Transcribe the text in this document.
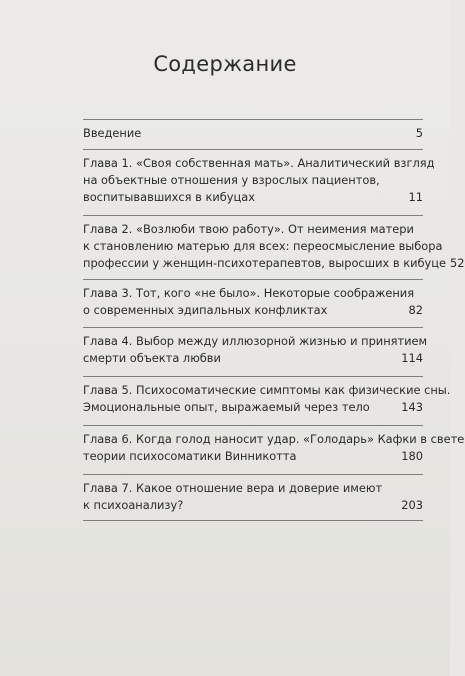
Содержание
Введение	5
Глава 1. «Своя собственная мать». Аналитический взгляд
на объектные отношения у взрослых пациентов,
воспитывавшихся в кибуцах	11
Глава 2. «Возлюби твою работу». От неимения матери
к становлению матерью для всех: переосмысление выбора
профессии у женщин-психотерапевтов, выросших в кибуце 52
Глава 3. Тот, кого «не было». Некоторые соображения
о современных эдипальных конфликтах	82
Глава 4. Выбор между иллюзорной жизнью и принятием
смерти объекта любви	114
Глава 5. Психосоматические симптомы как физические сны.
Эмоциональные опыт, выражаемый через тело	143
Глава 6. Когда голод наносит удар. «Голодарь» Кафки в свете
теории психосоматики Винникотта	180
Глава 7. Какое отношение вера и доверие имеют
к психоанализу?	203
